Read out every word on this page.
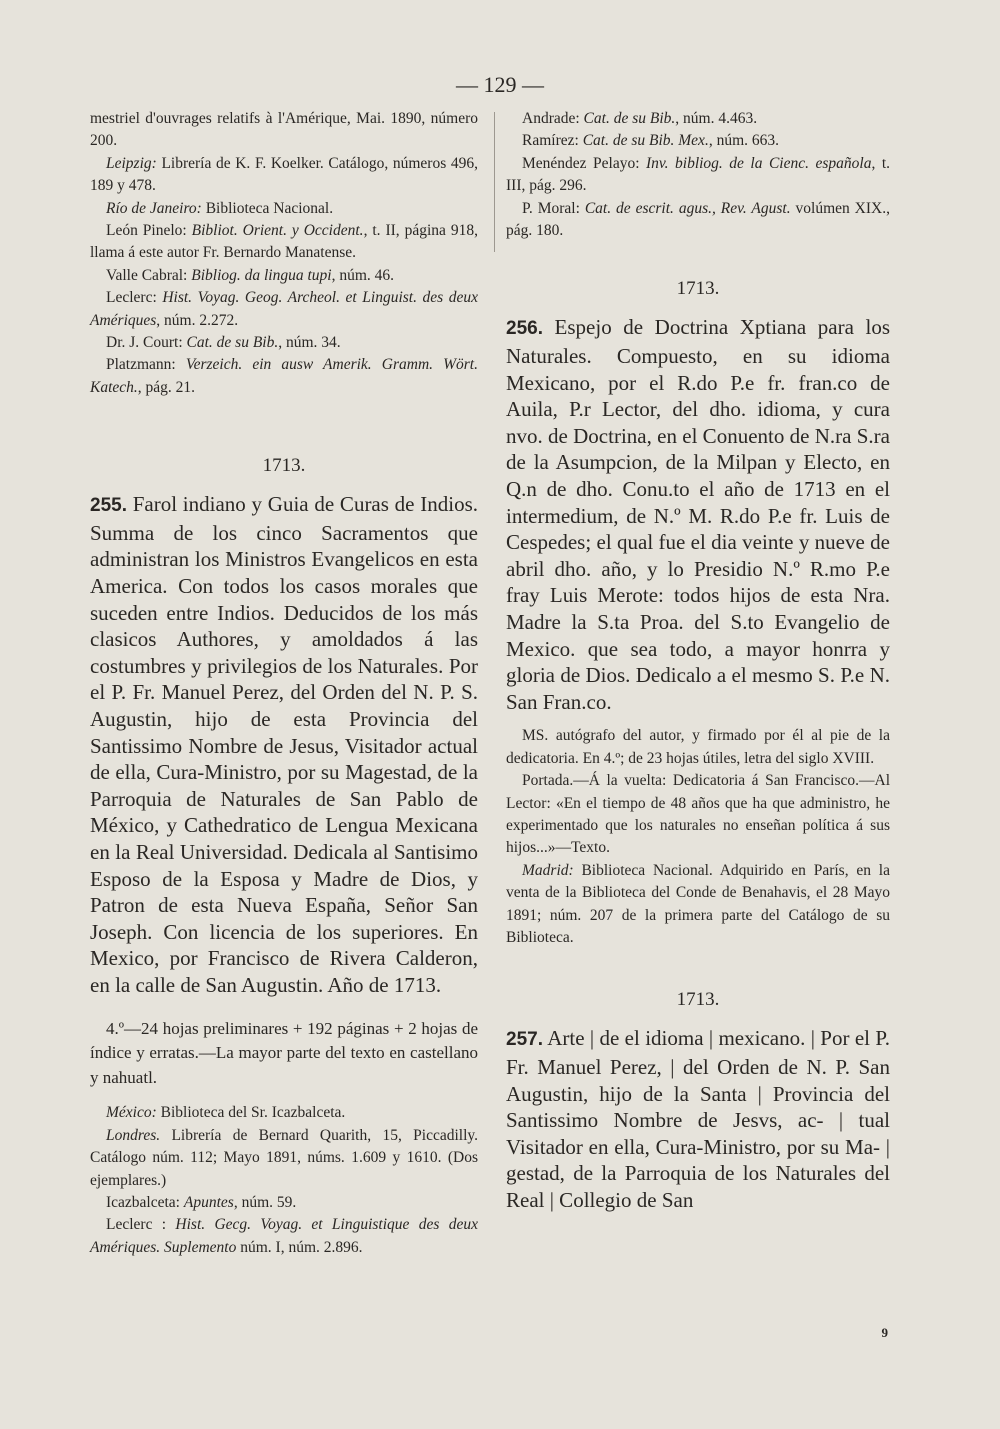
— 129 —

mestriel d'ouvrages relatifs à l'Amérique, Mai. 1890, número 200.

Leipzig: Librería de K. F. Koelker. Catálogo, números 496, 189 y 478.

Río de Janeiro: Biblioteca Nacional.

León Pinelo: Bibliot. Orient. y Occident., t. II, página 918, llama á este autor Fr. Bernardo Manatense.

Valle Cabral: Bibliog. da lingua tupi, núm. 46.

Leclerc: Hist. Voyag. Geog. Archeol. et Linguist. des deux Amériques, núm. 2.272.

Dr. J. Court: Cat. de su Bib., núm. 34.

Platzmann: Verzeich. ein ausw Amerik. Gramm. Wört. Katech., pág. 21.

1713.

255. Farol indiano y Guia de Curas de Indios. Summa de los cinco Sacramentos que administran los Ministros Evangelicos en esta America. Con todos los casos morales que suceden entre Indios. Deducidos de los más clasicos Authores, y amoldados á las costumbres y privilegios de los Naturales. Por el P. Fr. Manuel Perez, del Orden del N. P. S. Augustin, hijo de esta Provincia del Santissimo Nombre de Jesus, Visitador actual de ella, Cura-Ministro, por su Magestad, de la Parroquia de Naturales de San Pablo de México, y Cathedratico de Lengua Mexicana en la Real Universidad. Dedicala al Santisimo Esposo de la Esposa y Madre de Dios, y Patron de esta Nueva España, Señor San Joseph. Con licencia de los superiores. En Mexico, por Francisco de Rivera Calderon, en la calle de San Augustin. Año de 1713.

4.º—24 hojas preliminares + 192 páginas + 2 hojas de índice y erratas.—La mayor parte del texto en castellano y nahuatl.

México: Biblioteca del Sr. Icazbalceta.

Londres. Librería de Bernard Quarith, 15, Piccadilly. Catálogo núm. 112; Mayo 1891, núms. 1.609 y 1610. (Dos ejemplares.)

Icazbalceta: Apuntes, núm. 59.

Leclerc : Hist. Gecg. Voyag. et Linguistique des deux Amériques. Suplemento núm. I, núm. 2.896.

Andrade: Cat. de su Bib., núm. 4.463.

Ramírez: Cat. de su Bib. Mex., núm. 663.

Menéndez Pelayo: Inv. bibliog. de la Cienc. española, t. III, pág. 296.

P. Moral: Cat. de escrit. agus., Rev. Agust. volúmen XIX., pág. 180.

1713.

256. Espejo de Doctrina Xptiana para los Naturales. Compuesto, en su idioma Mexicano, por el R.do P.e fr. fran.co de Auila, P.r Lector, del dho. idioma, y cura nvo. de Doctrina, en el Conuento de N.ra S.ra de la Asumpcion, de la Milpan y Electo, en Q.n de dho. Conu.to el año de 1713 en el intermedium, de N.º M. R.do P.e fr. Luis de Cespedes; el qual fue el dia veinte y nueve de abril dho. año, y lo Presidio N.º R.mo P.e fray Luis Merote: todos hijos de esta Nra. Madre la S.ta Proa. del S.to Evangelio de Mexico. que sea todo, a mayor honrra y gloria de Dios. Dedicalo a el mesmo S. P.e N. San Fran.co.

MS. autógrafo del autor, y firmado por él al pie de la dedicatoria. En 4.º; de 23 hojas útiles, letra del siglo XVIII.

Portada.—Á la vuelta: Dedicatoria á San Francisco.—Al Lector: «En el tiempo de 48 años que ha que administro, he experimentado que los naturales no enseñan política á sus hijos...»—Texto.

Madrid: Biblioteca Nacional. Adquirido en París, en la venta de la Biblioteca del Conde de Benahavis, el 28 Mayo 1891; núm. 207 de la primera parte del Catálogo de su Biblioteca.

1713.

257. Arte | de el idioma | mexicano. | Por el P. Fr. Manuel Perez, | del Orden de N. P. San Augustin, hijo de la Santa | Provincia del Santissimo Nombre de Jesvs, ac- | tual Visitador en ella, Cura-Ministro, por su Ma- | gestad, de la Parroquia de los Naturales del Real | Collegio de San

9
